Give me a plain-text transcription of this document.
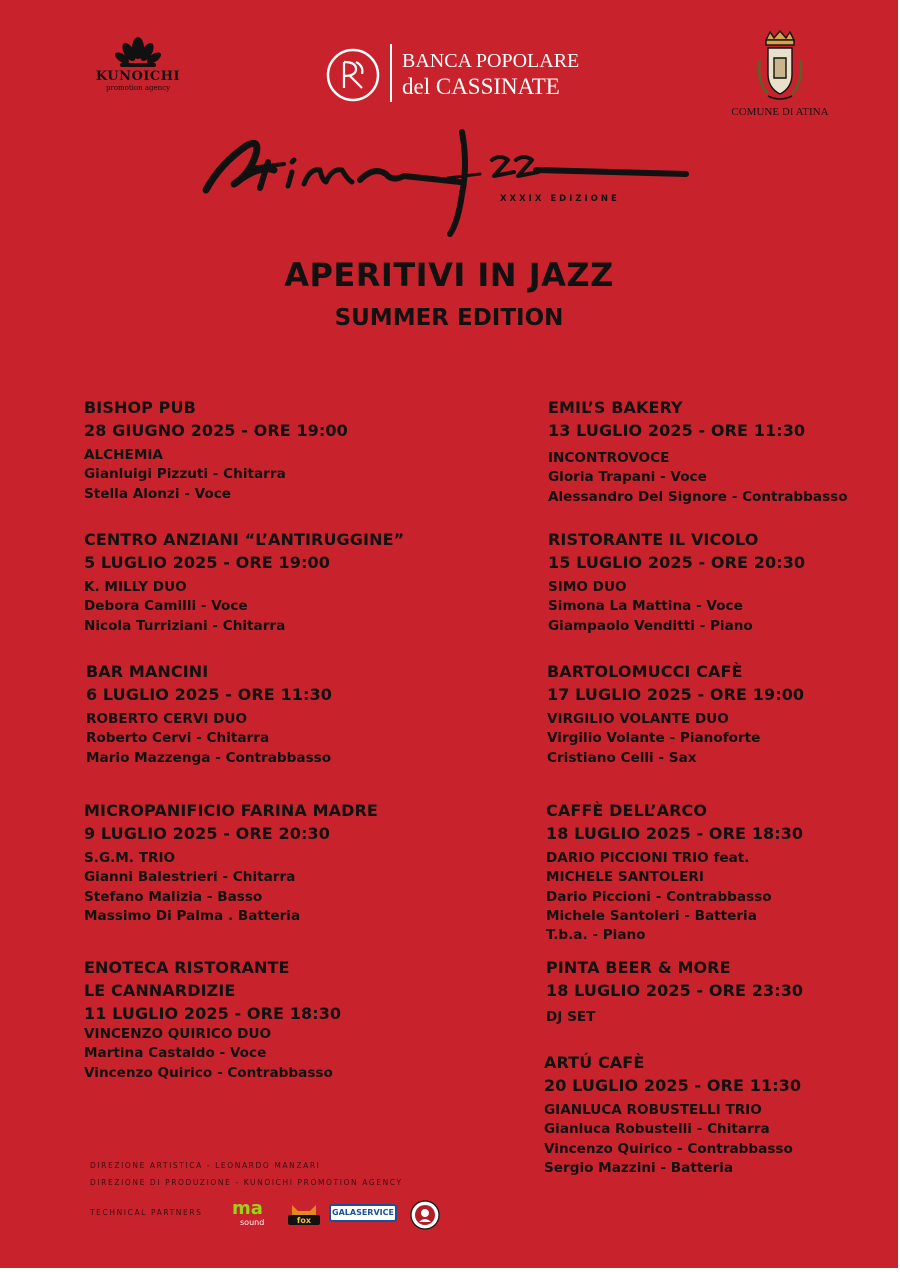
KUNOICHI
promotion agency
BANCA POPOLARE
del CASSINATE
COMUNE DI ATINA
XXXIX EDIZIONE
APERITIVI IN JAZZ
SUMMER EDITION
BISHOP PUB
28 GIUGNO 2025 - ORE 19:00
ALCHEMIA
Gianluigi Pizzuti - Chitarra
Stella Alonzi - Voce
CENTRO ANZIANI “L’ANTIRUGGINE”
5 LUGLIO 2025 - ORE 19:00
K. MILLY DUO
Debora Camilli - Voce
Nicola Turriziani - Chitarra
BAR MANCINI
6 LUGLIO 2025 - ORE 11:30
ROBERTO CERVI DUO
Roberto Cervi - Chitarra
Mario Mazzenga - Contrabbasso
MICROPANIFICIO FARINA MADRE
9 LUGLIO 2025 - ORE 20:30
S.G.M. TRIO
Gianni Balestrieri - Chitarra
Stefano Malizia - Basso
Massimo Di Palma . Batteria
ENOTECA RISTORANTE
LE CANNARDIZIE
11 LUGLIO 2025 - ORE 18:30
VINCENZO QUIRICO DUO
Martina Castaldo - Voce
Vincenzo Quirico - Contrabbasso
EMIL’S BAKERY
13 LUGLIO 2025 - ORE 11:30
INCONTROVOCE
Gloria Trapani - Voce
Alessandro Del Signore - Contrabbasso
RISTORANTE IL VICOLO
15 LUGLIO 2025 - ORE 20:30
SIMO DUO
Simona La Mattina - Voce
Giampaolo Venditti - Piano
BARTOLOMUCCI CAFÈ
17 LUGLIO 2025 - ORE 19:00
VIRGILIO VOLANTE DUO
Virgilio Volante - Pianoforte
Cristiano Celli - Sax
CAFFÈ DELL’ARCO
18 LUGLIO 2025 - ORE 18:30
DARIO PICCIONI TRIO feat.
MICHELE SANTOLERI
Dario Piccioni - Contrabbasso
Michele Santoleri - Batteria
T.b.a. - Piano
PINTA BEER & MORE
18 LUGLIO 2025 - ORE 23:30
DJ SET
ARTÚ CAFÈ
20 LUGLIO 2025 - ORE 11:30
GIANLUCA ROBUSTELLI TRIO
Gianluca Robustelli - Chitarra
Vincenzo Quirico - Contrabbasso
Sergio Mazzini - Batteria
DIREZIONE ARTISTICA - LEONARDO MANZARI
DIREZIONE DI PRODUZIONE - KUNOICHI PROMOTION AGENCY
TECHNICAL PARTNERS ma
sound	fox
GALASERVICE
